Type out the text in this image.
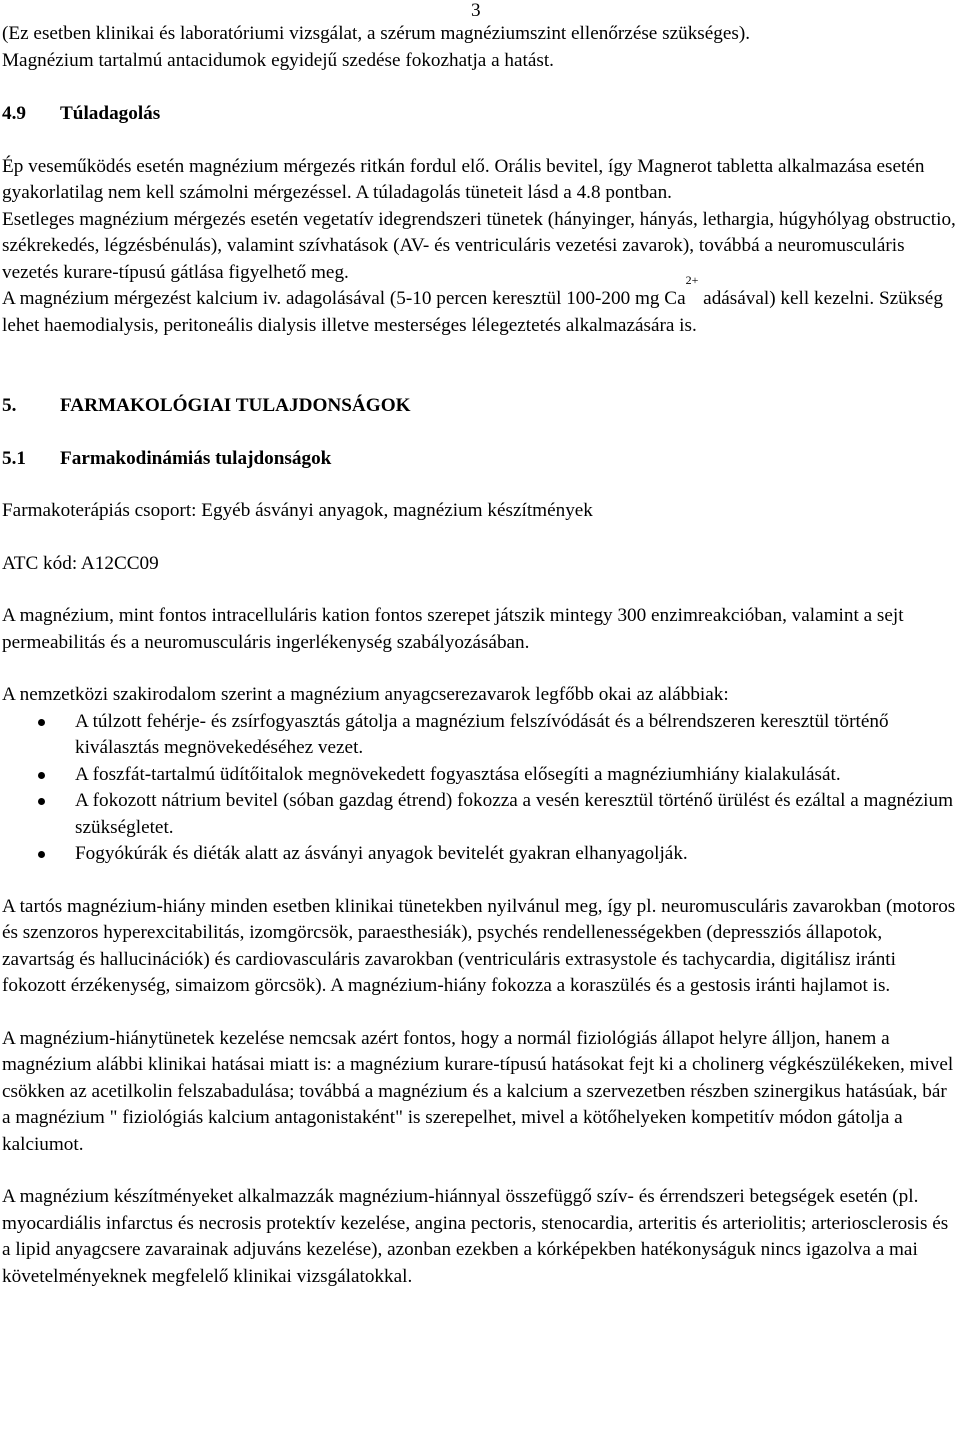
3

(Ez esetben klinikai és laboratóriumi vizsgálat, a szérum magnéziumszint ellenőrzése szükséges).

Magnézium tartalmú antacidumok egyidejű szedése fokozhatja a hatást.

4.9 Túladagolás

Ép veseműködés esetén magnézium mérgezés ritkán fordul elő. Orális bevitel, így Magnerot tabletta alkalmazása esetén gyakorlatilag nem kell számolni mérgezéssel. A túladagolás tüneteit lásd a 4.8 pontban.

Esetleges magnézium mérgezés esetén vegetatív idegrendszeri tünetek (hányinger, hányás, lethargia, húgyhólyag obstructio, székrekedés, légzésbénulás), valamint szívhatások (AV- és ventriculáris vezetési zavarok), továbbá a neuromusculáris vezetés kurare-típusú gátlása figyelhető meg.

A magnézium mérgezést kalcium iv. adagolásával (5-10 percen keresztül 100-200 mg $Ca^{2+}$ adásával) kell kezelni. Szükség lehet haemodialysis, peritoneális dialysis illetve mesterséges lélegeztetés alkalmazására is.

5. FARMAKOLÓGIAI TULAJDONSÁGOK

5.1 Farmakodinámiás tulajdonságok

Farmakoterápiás csoport: Egyéb ásványi anyagok, magnézium készítmények

ATC kód: A12CC09

A magnézium, mint fontos intracelluláris kation fontos szerepet játszik mintegy 300 enzimreakcióban, valamint a sejt permeabilitás és a neuromusculáris ingerlékenység szabályozásában.

A nemzetközi szakirodalom szerint a magnézium anyagcserezavarok legfőbb okai az alábbiak:

A túlzott fehérje- és zsírfogyasztás gátolja a magnézium felszívódását és a bélrendszeren keresztül történő kiválasztás megnövekedéséhez vezet.
A foszfát-tartalmú üdítőitalok megnövekedett fogyasztása elősegíti a magnéziumhiány kialakulását.
A fokozott nátrium bevitel (sóban gazdag étrend) fokozza a vesén keresztül történő ürülést és ezáltal a magnézium szükségletet.
Fogyókúrák és diéták alatt az ásványi anyagok bevitelét gyakran elhanyagolják.

A tartós magnézium-hiány minden esetben klinikai tünetekben nyilvánul meg, így pl. neuromusculáris zavarokban (motoros és szenzoros hyperexcitabilitás, izomgörcsök, paraesthesiák), psychés rendellenességekben (depressziós állapotok, zavartság és hallucinációk) és cardiovasculáris zavarokban (ventriculáris extrasystole és tachycardia, digitálisz iránti fokozott érzékenység, simaizom görcsök). A magnézium-hiány fokozza a koraszülés és a gestosis iránti hajlamot is.

A magnézium-hiánytünetek kezelése nemcsak azért fontos, hogy a normál fiziológiás állapot helyre álljon, hanem a magnézium alábbi klinikai hatásai miatt is: a magnézium kurare-típusú hatásokat fejt ki a cholinerg végkészülékeken, mivel csökken az acetilkolin felszabadulása; továbbá a magnézium és a kalcium a szervezetben részben szinergikus hatásúak, bár a magnézium " fiziológiás kalcium antagonistaként" is szerepelhet, mivel a kötőhelyeken kompetitív módon gátolja a kalciumot.

A magnézium készítményeket alkalmazzák magnézium-hiánnyal összefüggő szív- és érrendszeri betegségek esetén (pl. myocardiális infarctus és necrosis protektív kezelése, angina pectoris, stenocardia, arteritis és arteriolitis; arteriosclerosis és a lipid anyagcsere zavarainak adjuváns kezelése), azonban ezekben a kórképekben hatékonyságuk nincs igazolva a mai követelményeknek megfelelő klinikai vizsgálatokkal.
